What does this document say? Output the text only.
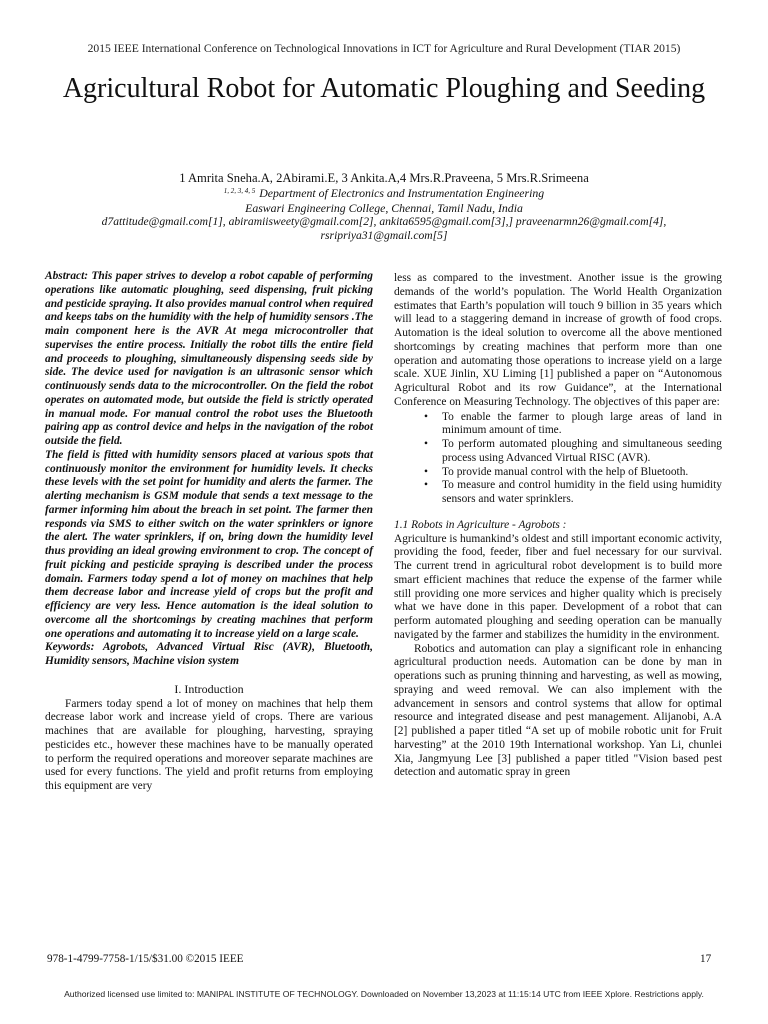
2015 IEEE International Conference on Technological Innovations in ICT for Agriculture and Rural Development (TIAR 2015)
Agricultural Robot for Automatic Ploughing and Seeding
1 Amrita Sneha.A, 2Abirami.E, 3 Ankita.A,4 Mrs.R.Praveena, 5 Mrs.R.Srimeena
$^{1, 2, 3, 4, 5}$ Department of Electronics and Instrumentation Engineering
Easwari Engineering College, Chennai, Tamil Nadu, India
d7attitude@gmail.com[1], abiramiisweety@gmail.com[2], ankita6595@gmail.com[3],] praveenarmn26@gmail.com[4], rsripriya31@gmail.com[5]

Abstract: This paper strives to develop a robot capable of performing operations like automatic ploughing, seed dispensing, fruit picking and pesticide spraying. It also provides manual control when required and keeps tabs on the humidity with the help of humidity sensors .The main component here is the AVR At mega microcontroller that supervises the entire process. Initially the robot tills the entire field and proceeds to ploughing, simultaneously dispensing seeds side by side. The device used for navigation is an ultrasonic sensor which continuously sends data to the microcontroller. On the field the robot operates on automated mode, but outside the field is strictly operated in manual mode. For manual control the robot uses the Bluetooth pairing app as control device and helps in the navigation of the robot outside the field.

The field is fitted with humidity sensors placed at various spots that continuously monitor the environment for humidity levels. It checks these levels with the set point for humidity and alerts the farmer. The alerting mechanism is GSM module that sends a text message to the farmer informing him about the breach in set point. The farmer then responds via SMS to either switch on the water sprinklers or ignore the alert. The water sprinklers, if on, bring down the humidity level thus providing an ideal growing environment to crop. The concept of fruit picking and pesticide spraying is described under the process domain. Farmers today spend a lot of money on machines that help them decrease labor and increase yield of crops but the profit and efficiency are very less. Hence automation is the ideal solution to overcome all the shortcomings by creating machines that perform one operations and automating it to increase yield on a large scale.

Keywords: Agrobots, Advanced Virtual Risc (AVR), Bluetooth, Humidity sensors, Machine vision system

I. Introduction

Farmers today spend a lot of money on machines that help them decrease labor work and increase yield of crops. There are various machines that are available for ploughing, harvesting, spraying pesticides etc., however these machines have to be manually operated to perform the required operations and moreover separate machines are used for every functions. The yield and profit returns from employing this equipment are very

less as compared to the investment. Another issue is the growing demands of the world’s population. The World Health Organization estimates that Earth’s population will touch 9 billion in 35 years which will lead to a staggering demand in increase of growth of food crops. Automation is the ideal solution to overcome all the above mentioned shortcomings by creating machines that perform more than one operation and automating those operations to increase yield on a large scale. XUE Jinlin, XU Liming [1] published a paper on “Autonomous Agricultural Robot and its row Guidance”, at the International Conference on Measuring Technology. The objectives of this paper are:

• To enable the farmer to plough large areas of land in minimum amount of time.
• To perform automated ploughing and simultaneous seeding process using Advanced Virtual RISC (AVR).
• To provide manual control with the help of Bluetooth.
• To measure and control humidity in the field using humidity sensors and water sprinklers.

1.1 Robots in Agriculture - Agrobots :

Agriculture is humankind’s oldest and still important economic activity, providing the food, feeder, fiber and fuel necessary for our survival. The current trend in agricultural robot development is to build more smart efficient machines that reduce the expense of the farmer while still providing one more services and higher quality which is precisely what we have done in this paper. Development of a robot that can perform automated ploughing and seeding operation can be manually navigated by the farmer and stabilizes the humidity in the environment.

Robotics and automation can play a significant role in enhancing agricultural production needs. Automation can be done by man in operations such as pruning thinning and harvesting, as well as mowing, spraying and weed removal. We can also implement with the advancement in sensors and control systems that allow for optimal resource and integrated disease and pest management. Alijanobi, A.A [2] published a paper titled “A set up of mobile robotic unit for Fruit harvesting” at the 2010 19th International workshop. Yan Li, chunlei Xia, Jangmyung Lee [3] published a paper titled "Vision based pest detection and automatic spray in green

978-1-4799-7758-1/15/$31.00 ©2015 IEEE	17
Authorized licensed use limited to: MANIPAL INSTITUTE OF TECHNOLOGY. Downloaded on November 13,2023 at 11:15:14 UTC from IEEE Xplore. Restrictions apply.
